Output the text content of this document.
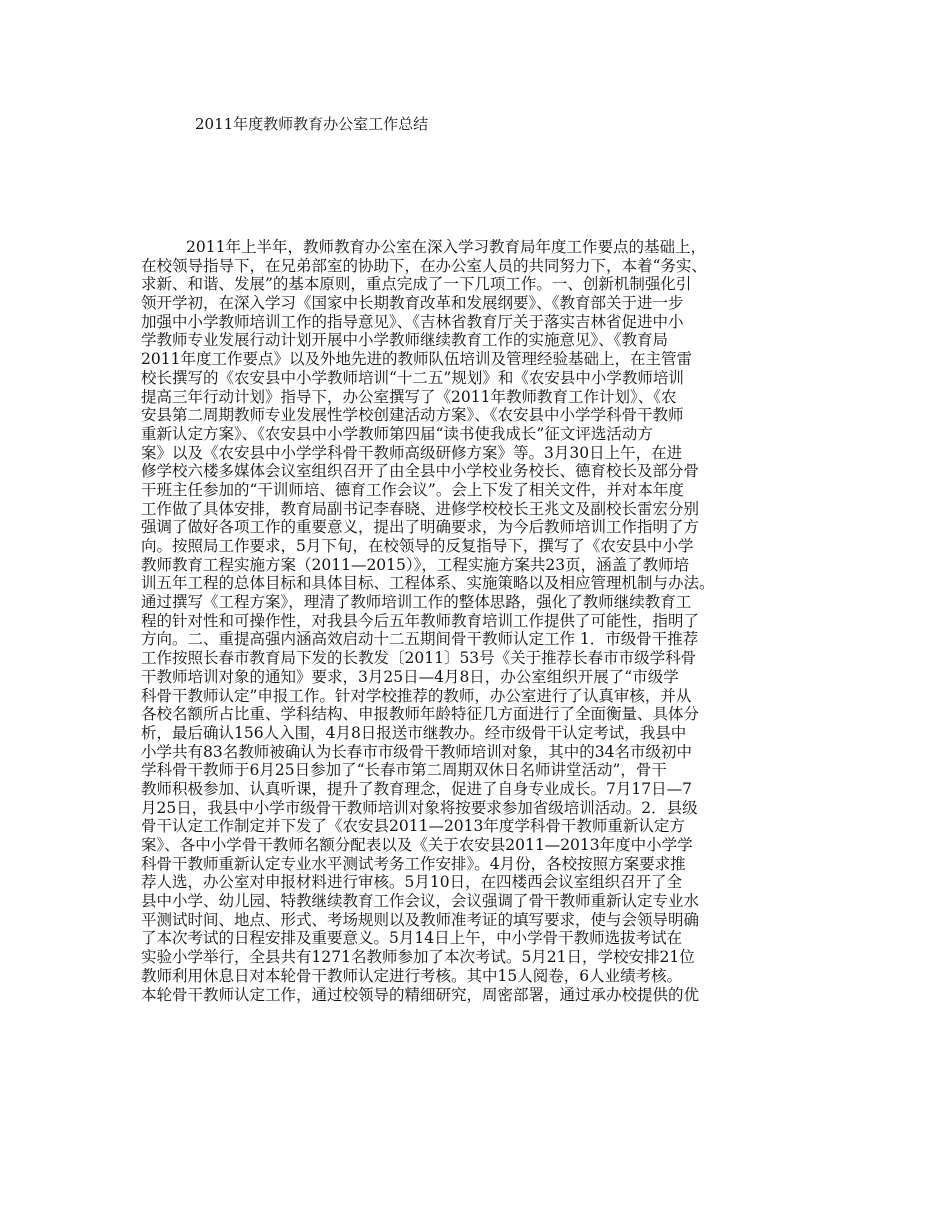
2011年度教师教育办公室工作总结
2011年上半年，教师教育办公室在深入学习教育局年度工作要点的基础上，
在校领导指导下，在兄弟部室的协助下，在办公室人员的共同努力下，本着“务实、
求新、和谐、发展”的基本原则，重点完成了一下几项工作。一、创新机制强化引
领开学初，在深入学习《国家中长期教育改革和发展纲要》、《教育部关于进一步
加强中小学教师培训工作的指导意见》、《吉林省教育厅关于落实吉林省促进中小
学教师专业发展行动计划开展中小学教师继续教育工作的实施意见》、《教育局
2011年度工作要点》以及外地先进的教师队伍培训及管理经验基础上，在主管雷
校长撰写的《农安县中小学教师培训“十二五”规划》和《农安县中小学教师培训
提高三年行动计划》指导下，办公室撰写了《2011年教师教育工作计划》、《农
安县第二周期教师专业发展性学校创建活动方案》、《农安县中小学学科骨干教师
重新认定方案》、《农安县中小学教师第四届“读书使我成长”征文评选活动方
案》以及《农安县中小学学科骨干教师高级研修方案》等。3月30日上午，在进
修学校六楼多媒体会议室组织召开了由全县中小学校业务校长、德育校长及部分骨
干班主任参加的“干训师培、德育工作会议”。会上下发了相关文件，并对本年度
工作做了具体安排，教育局副书记李春晓、进修学校校长王兆文及副校长雷宏分别
强调了做好各项工作的重要意义，提出了明确要求，为今后教师培训工作指明了方
向。按照局工作要求，5月下旬，在校领导的反复指导下，撰写了《农安县中小学
教师教育工程实施方案（2011—2015）》，工程实施方案共23页，涵盖了教师培
训五年工程的总体目标和具体目标、工程体系、实施策略以及相应管理机制与办法。
通过撰写《工程方案》，理清了教师培训工作的整体思路，强化了教师继续教育工
程的针对性和可操作性，对我县今后五年教师教育培训工作提供了可能性，指明了
方向。二、重提高强内涵高效启动十二五期间骨干教师认定工作 1．市级骨干推荐
工作按照长春市教育局下发的长教发〔2011〕53号《关于推荐长春市市级学科骨
干教师培训对象的通知》要求，3月25日—4月8日，办公室组织开展了“市级学
科骨干教师认定”申报工作。针对学校推荐的教师，办公室进行了认真审核，并从
各校名额所占比重、学科结构、申报教师年龄特征几方面进行了全面衡量、具体分
析，最后确认156人入围，4月8日报送市继教办。经市级骨干认定考试，我县中
小学共有83名教师被确认为长春市市级骨干教师培训对象，其中的34名市级初中
学科骨干教师于6月25日参加了“长春市第二周期双休日名师讲堂活动”，骨干
教师积极参加、认真听课，提升了教育理念，促进了自身专业成长。7月17日—7
月25日，我县中小学市级骨干教师培训对象将按要求参加省级培训活动。2．县级
骨干认定工作制定并下发了《农安县2011—2013年度学科骨干教师重新认定方
案》、各中小学骨干教师名额分配表以及《关于农安县2011—2013年度中小学学
科骨干教师重新认定专业水平测试考务工作安排》。4月份，各校按照方案要求推
荐人选，办公室对申报材料进行审核。5月10日，在四楼西会议室组织召开了全
县中小学、幼儿园、特教继续教育工作会议，会议强调了骨干教师重新认定专业水
平测试时间、地点、形式、考场规则以及教师准考证的填写要求，使与会领导明确
了本次考试的日程安排及重要意义。5月14日上午，中小学骨干教师选拔考试在
实验小学举行，全县共有1271名教师参加了本次考试。5月21日，学校安排21位
教师利用休息日对本轮骨干教师认定进行考核。其中15人阅卷，6人业绩考核。
本轮骨干教师认定工作，通过校领导的精细研究，周密部署，通过承办校提供的优
